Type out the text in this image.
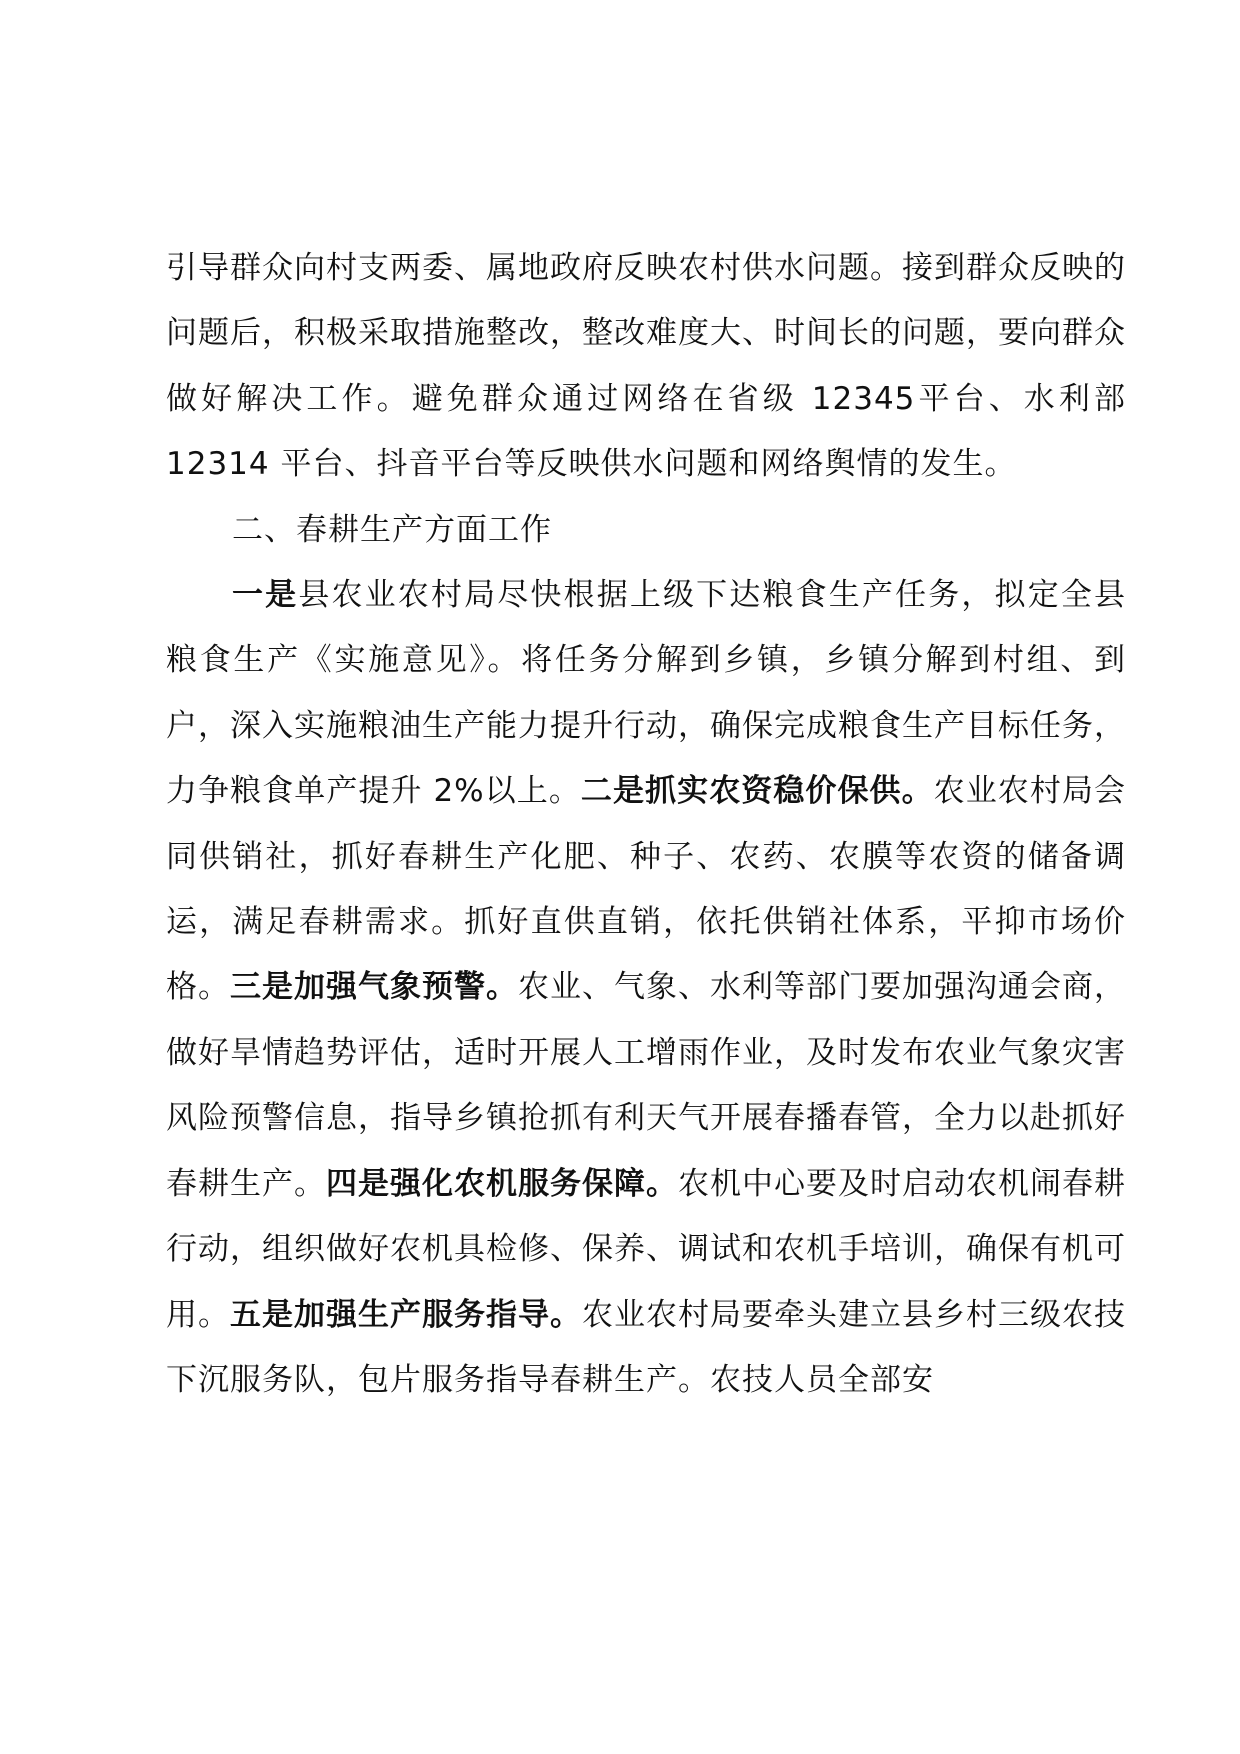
引导群众向村支两委、属地政府反映农村供水问题。接到群众反映的问题后，积极采取措施整改，整改难度大、时间长的问题，要向群众做好解决工作。避免群众通过网络在省级 12345平台、水利部 12314 平台、抖音平台等反映供水问题和网络舆情的发生。

二、春耕生产方面工作

一是县农业农村局尽快根据上级下达粮食生产任务，拟定全县粮食生产《实施意见》。将任务分解到乡镇，乡镇分解到村组、到户，深入实施粮油生产能力提升行动，确保完成粮食生产目标任务，力争粮食单产提升 2%以上。二是抓实农资稳价保供。农业农村局会同供销社，抓好春耕生产化肥、种子、农药、农膜等农资的储备调运，满足春耕需求。抓好直供直销，依托供销社体系，平抑市场价格。三是加强气象预警。农业、气象、水利等部门要加强沟通会商，做好旱情趋势评估，适时开展人工增雨作业，及时发布农业气象灾害风险预警信息，指导乡镇抢抓有利天气开展春播春管，全力以赴抓好春耕生产。四是强化农机服务保障。农机中心要及时启动农机闹春耕行动，组织做好农机具检修、保养、调试和农机手培训，确保有机可用。五是加强生产服务指导。农业农村局要牵头建立县乡村三级农技下沉服务队，包片服务指导春耕生产。农技人员全部安
